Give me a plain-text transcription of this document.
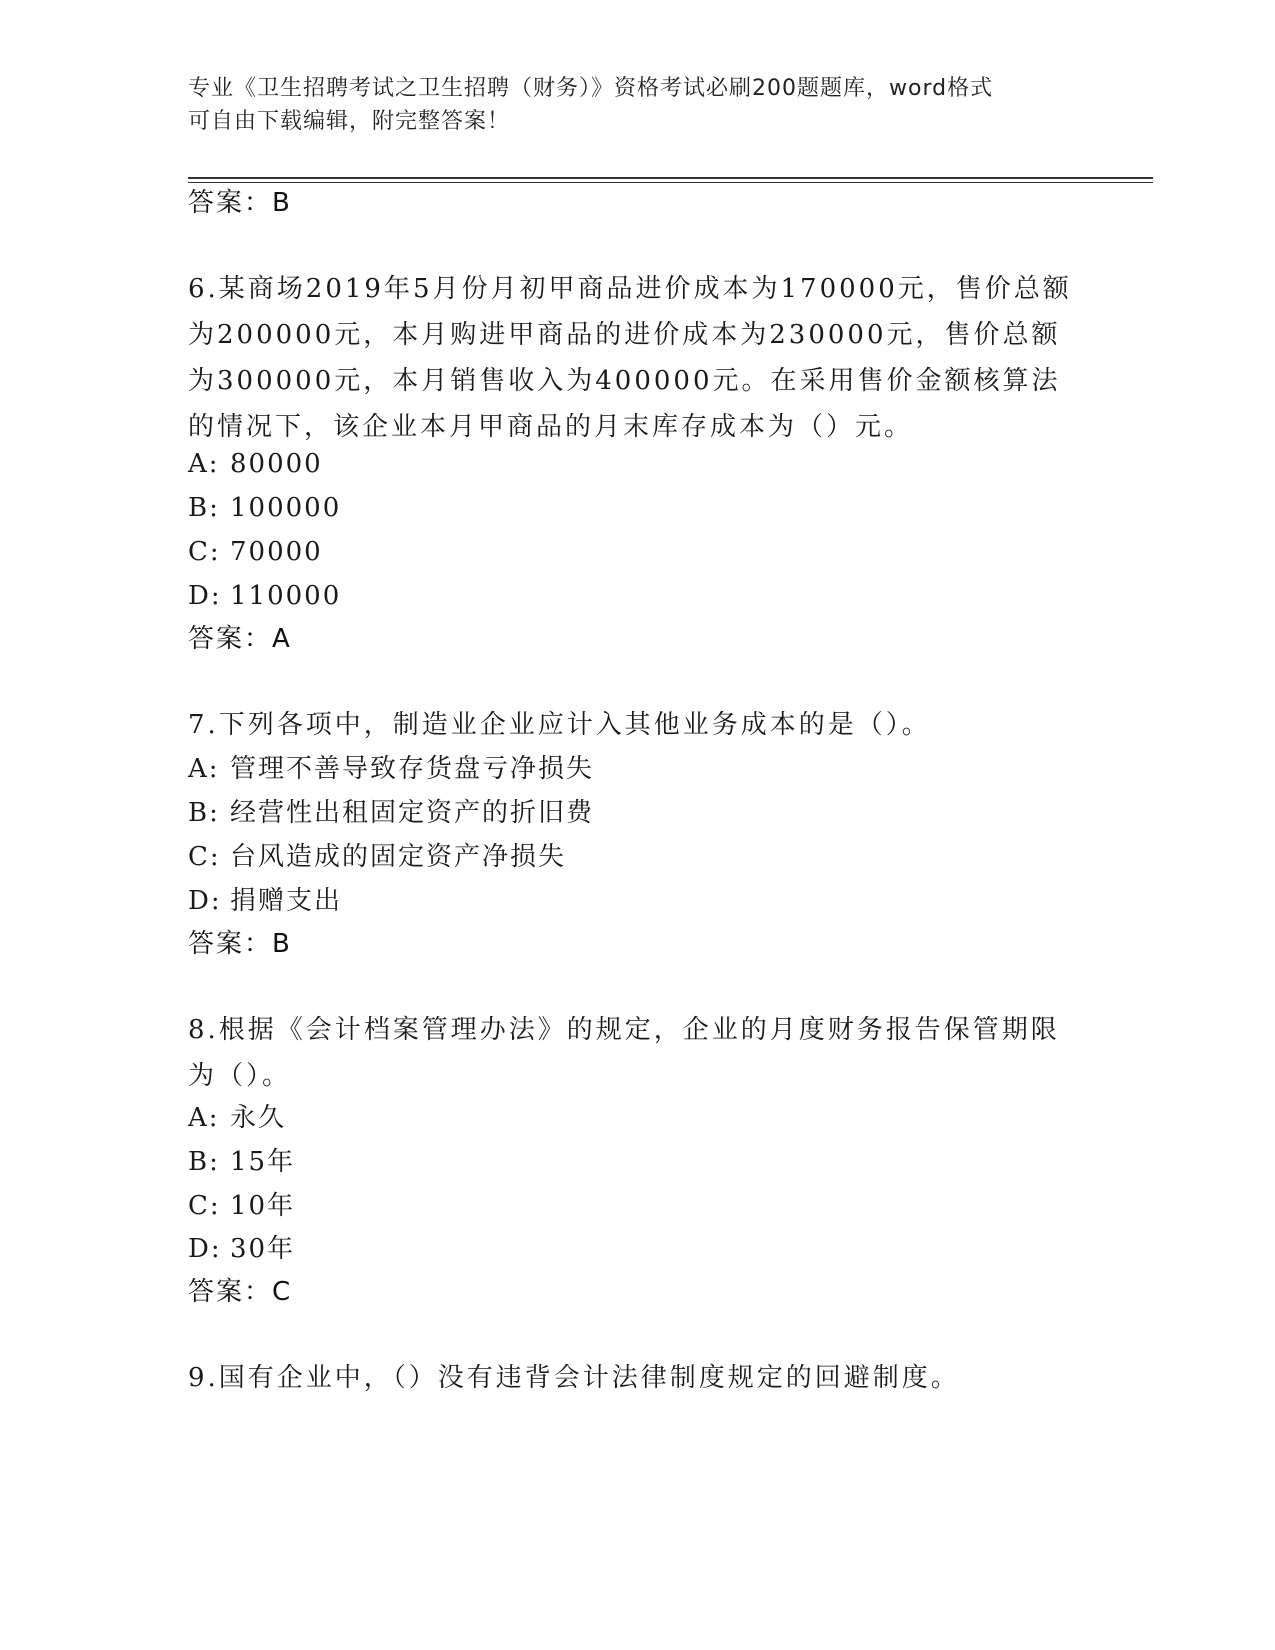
专业《卫生招聘考试之卫生招聘（财务）》资格考试必刷200题题库，word格式
可自由下载编辑，附完整答案！
答案：B
6.某商场2019年5月份月初甲商品进价成本为170000元，售价总额为200000元，本月购进甲商品的进价成本为230000元，售价总额为300000元，本月销售收入为400000元。在采用售价金额核算法的情况下，该企业本月甲商品的月末库存成本为（）元。
A: 80000
B: 100000
C: 70000
D: 110000
答案：A
7.下列各项中，制造业企业应计入其他业务成本的是（）。
A: 管理不善导致存货盘亏净损失
B: 经营性出租固定资产的折旧费
C: 台风造成的固定资产净损失
D: 捐赠支出
答案：B
8.根据《会计档案管理办法》的规定，企业的月度财务报告保管期限为（）。
A: 永久
B: 15年
C: 10年
D: 30年
答案：C
9.国有企业中，（）没有违背会计法律制度规定的回避制度。
